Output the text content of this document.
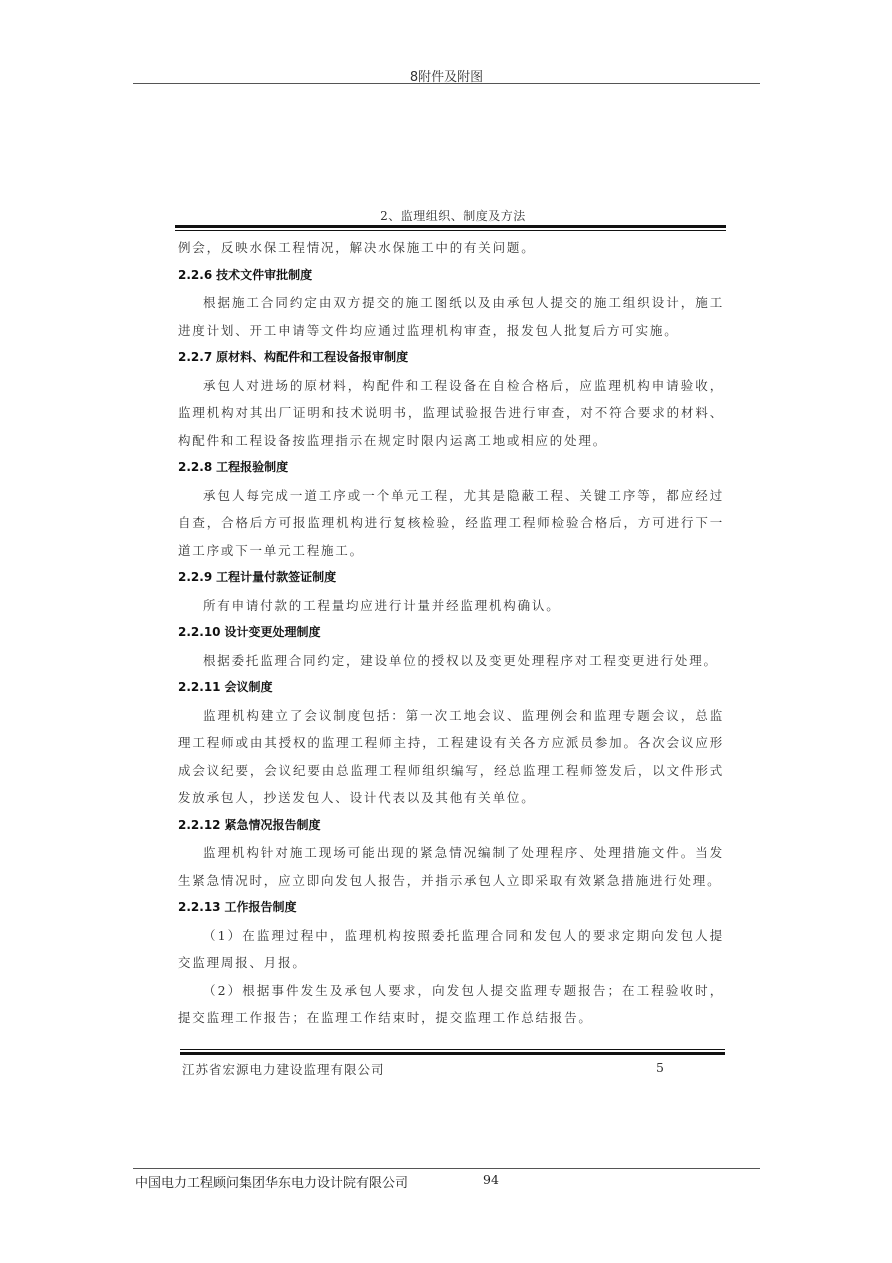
8附件及附图
2、监理组织、制度及方法

例会，反映水保工程情况，解决水保施工中的有关问题。

2.2.6 技术文件审批制度

根据施工合同约定由双方提交的施工图纸以及由承包人提交的施工组织设计，施工进度计划、开工申请等文件均应通过监理机构审查，报发包人批复后方可实施。

2.2.7 原材料、构配件和工程设备报审制度

承包人对进场的原材料，构配件和工程设备在自检合格后，应监理机构申请验收，监理机构对其出厂证明和技术说明书，监理试验报告进行审查，对不符合要求的材料、构配件和工程设备按监理指示在规定时限内运离工地或相应的处理。

2.2.8 工程报验制度

承包人每完成一道工序或一个单元工程，尤其是隐蔽工程、关键工序等，都应经过自查，合格后方可报监理机构进行复核检验，经监理工程师检验合格后，方可进行下一道工序或下一单元工程施工。

2.2.9 工程计量付款签证制度

所有申请付款的工程量均应进行计量并经监理机构确认。

2.2.10 设计变更处理制度

根据委托监理合同约定，建设单位的授权以及变更处理程序对工程变更进行处理。

2.2.11 会议制度

监理机构建立了会议制度包括：第一次工地会议、监理例会和监理专题会议，总监理工程师或由其授权的监理工程师主持，工程建设有关各方应派员参加。各次会议应形成会议纪要，会议纪要由总监理工程师组织编写，经总监理工程师签发后，以文件形式发放承包人，抄送发包人、设计代表以及其他有关单位。

2.2.12 紧急情况报告制度

监理机构针对施工现场可能出现的紧急情况编制了处理程序、处理措施文件。当发生紧急情况时，应立即向发包人报告，并指示承包人立即采取有效紧急措施进行处理。

2.2.13 工作报告制度

（1）在监理过程中，监理机构按照委托监理合同和发包人的要求定期向发包人提交监理周报、月报。

（2）根据事件发生及承包人要求，向发包人提交监理专题报告；在工程验收时，提交监理工作报告；在监理工作结束时，提交监理工作总结报告。

江苏省宏源电力建设监理有限公司	5
中国电力工程顾问集团华东电力设计院有限公司	94
